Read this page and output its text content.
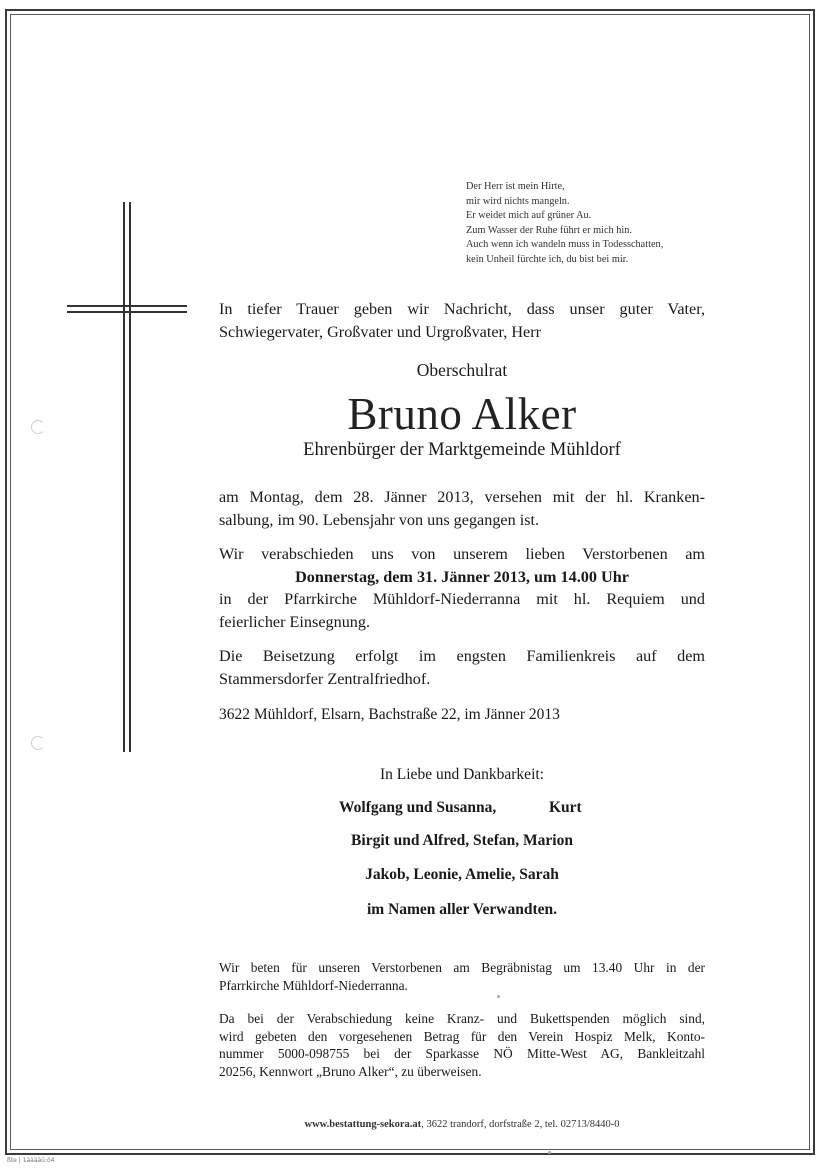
Der Herr ist mein Hirte,
mir wird nichts mangeln.
Er weidet mich auf grüner Au.
Zum Wasser der Ruhe führt er mich hin.
Auch wenn ich wandeln muss in Todesschatten,
kein Unheil fürchte ich, du bist bei mir.
In tiefer Trauer geben wir Nachricht, dass unser guter Vater,
Schwiegervater, Großvater und Urgroßvater, Herr
Oberschulrat
Bruno Alker
Ehrenbürger der Marktgemeinde Mühldorf
am Montag, dem 28. Jänner 2013, versehen mit der hl. Kranken-
salbung, im 90. Lebensjahr von uns gegangen ist.
Wir verabschieden uns von unserem lieben Verstorbenen am
Donnerstag, dem 31. Jänner 2013, um 14.00 Uhr
in der Pfarrkirche Mühldorf-Niederranna mit hl. Requiem und
feierlicher Einsegnung.
Die Beisetzung erfolgt im engsten Familienkreis auf dem
Stammersdorfer Zentralfriedhof.
3622 Mühldorf, Elsarn, Bachstraße 22, im Jänner 2013
In Liebe und Dankbarkeit:
Wolfgang und Susanna,	Kurt
Birgit und Alfred, Stefan, Marion
Jakob, Leonie, Amelie, Sarah
im Namen aller Verwandten.
Wir beten für unseren Verstorbenen am Begräbnistag um 13.40 Uhr in der
Pfarrkirche Mühldorf-Niederranna.
Da bei der Verabschiedung keine Kranz- und Bukettspenden möglich sind,
wird gebeten den vorgesehenen Betrag für den Verein Hospiz Melk, Konto-
nummer 5000-098755 bei der Sparkasse NÖ Mitte-West AG, Bankleitzahl
20256, Kennwort „Bruno Alker“, zu überweisen.
www.bestattung-sekora.at, 3622 trandorf, dorfstraße 2, tel. 02713/8440-0
ßte | 1ääääü:ö4
